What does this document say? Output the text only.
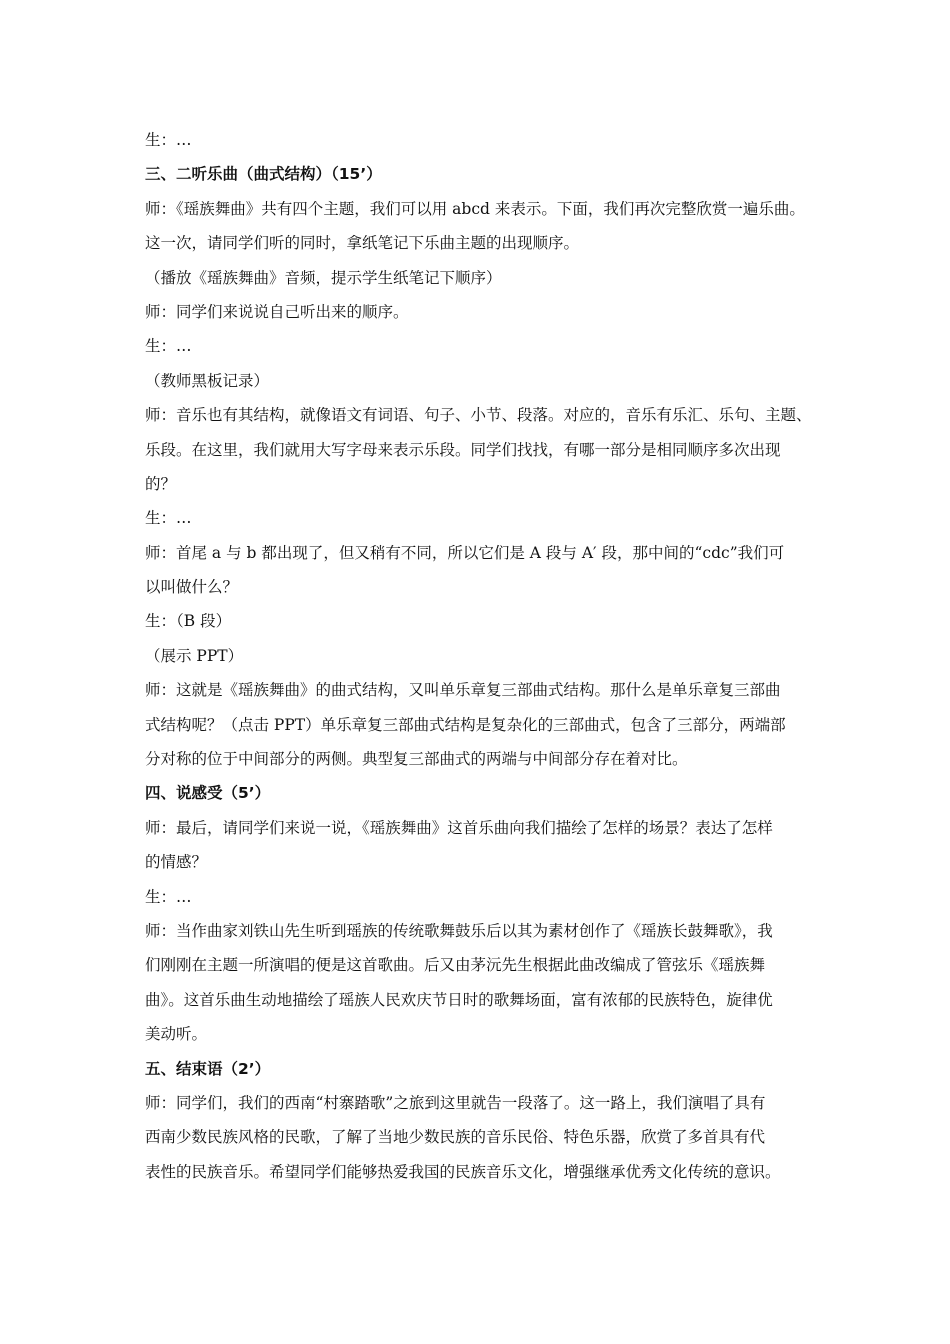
生：…
三、二听乐曲（曲式结构）（15’）
师：《瑶族舞曲》共有四个主题，我们可以用 abcd 来表示。下面，我们再次完整欣赏一遍乐曲。
这一次，请同学们听的同时，拿纸笔记下乐曲主题的出现顺序。
（播放《瑶族舞曲》音频，提示学生纸笔记下顺序）
师：同学们来说说自己听出来的顺序。
生：…
（教师黑板记录）
师：音乐也有其结构，就像语文有词语、句子、小节、段落。对应的，音乐有乐汇、乐句、主题、
乐段。在这里，我们就用大写字母来表示乐段。同学们找找，有哪一部分是相同顺序多次出现
的？
生：…
师：首尾 a 与 b 都出现了，但又稍有不同，所以它们是 A 段与 A′ 段，那中间的“cdc”我们可
以叫做什么？
生：（B 段）
（展示 PPT）
师：这就是《瑶族舞曲》的曲式结构，又叫单乐章复三部曲式结构。那什么是单乐章复三部曲
式结构呢？（点击 PPT）单乐章复三部曲式结构是复杂化的三部曲式，包含了三部分，两端部
分对称的位于中间部分的两侧。典型复三部曲式的两端与中间部分存在着对比。
四、说感受（5’）
师：最后，请同学们来说一说，《瑶族舞曲》这首乐曲向我们描绘了怎样的场景？表达了怎样
的情感？
生：…
师：当作曲家刘铁山先生听到瑶族的传统歌舞鼓乐后以其为素材创作了《瑶族长鼓舞歌》，我
们刚刚在主题一所演唱的便是这首歌曲。后又由茅沅先生根据此曲改编成了管弦乐《瑶族舞
曲》。这首乐曲生动地描绘了瑶族人民欢庆节日时的歌舞场面，富有浓郁的民族特色，旋律优
美动听。
五、结束语（2’）
师：同学们，我们的西南“村寨踏歌”之旅到这里就告一段落了。这一路上，我们演唱了具有
西南少数民族风格的民歌，了解了当地少数民族的音乐民俗、特色乐器，欣赏了多首具有代
表性的民族音乐。希望同学们能够热爱我国的民族音乐文化，增强继承优秀文化传统的意识。
